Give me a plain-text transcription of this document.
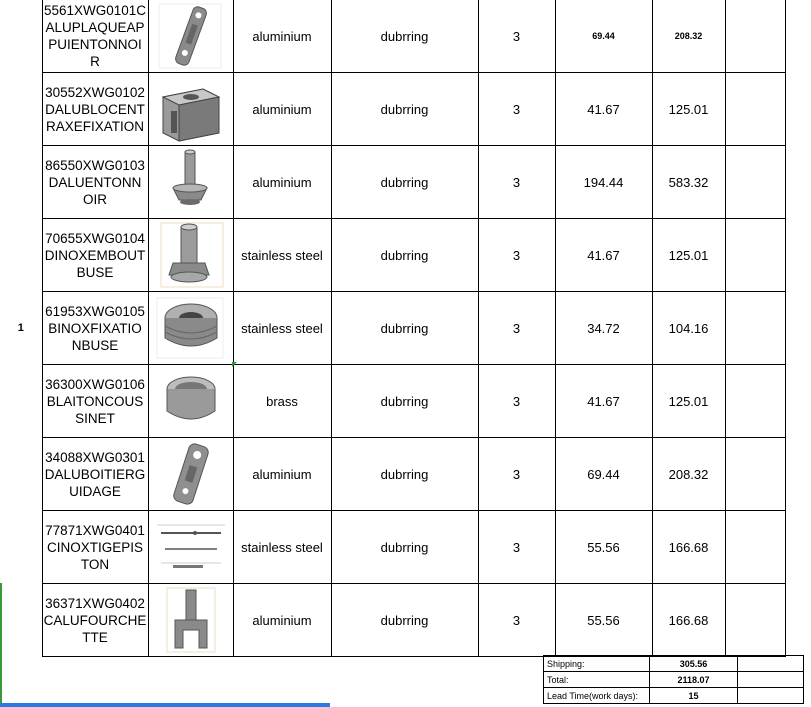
1	5561XWG0101CALUPLAQUEAPPUIENTONNOIR		aluminium	dubrring	3	69.44	208.32	
	30552XWG0102DALUBLOCENTRAXEFIXATION		aluminium	dubrring	3	41.67	125.01	
	86550XWG0103DALUENTONNOIR		aluminium	dubrring	3	194.44	583.32	
	70655XWG0104DINOXEMBOUTBUSE		stainless steel	dubrring	3	41.67	125.01	
	61953XWG0105BINOXFIXATIONBUSE		stainless steel	dubrring	3	34.72	104.16	
	36300XWG0106BLAITONCOUSSINET		brass	dubrring	3	41.67	125.01	
	34088XWG0301DALUBOITIERGUIDAGE		aluminium	dubrring	3	69.44	208.32	
	77871XWG0401CINOXTIGEPISTON		stainless steel	dubrring	3	55.56	166.68	
	36371XWG0402CALUFOURCHETTE		aluminium	dubrring	3	55.56	166.68	
Shipping:	305.56	
Total:	2118.07	
Lead Time(work days):	15	
